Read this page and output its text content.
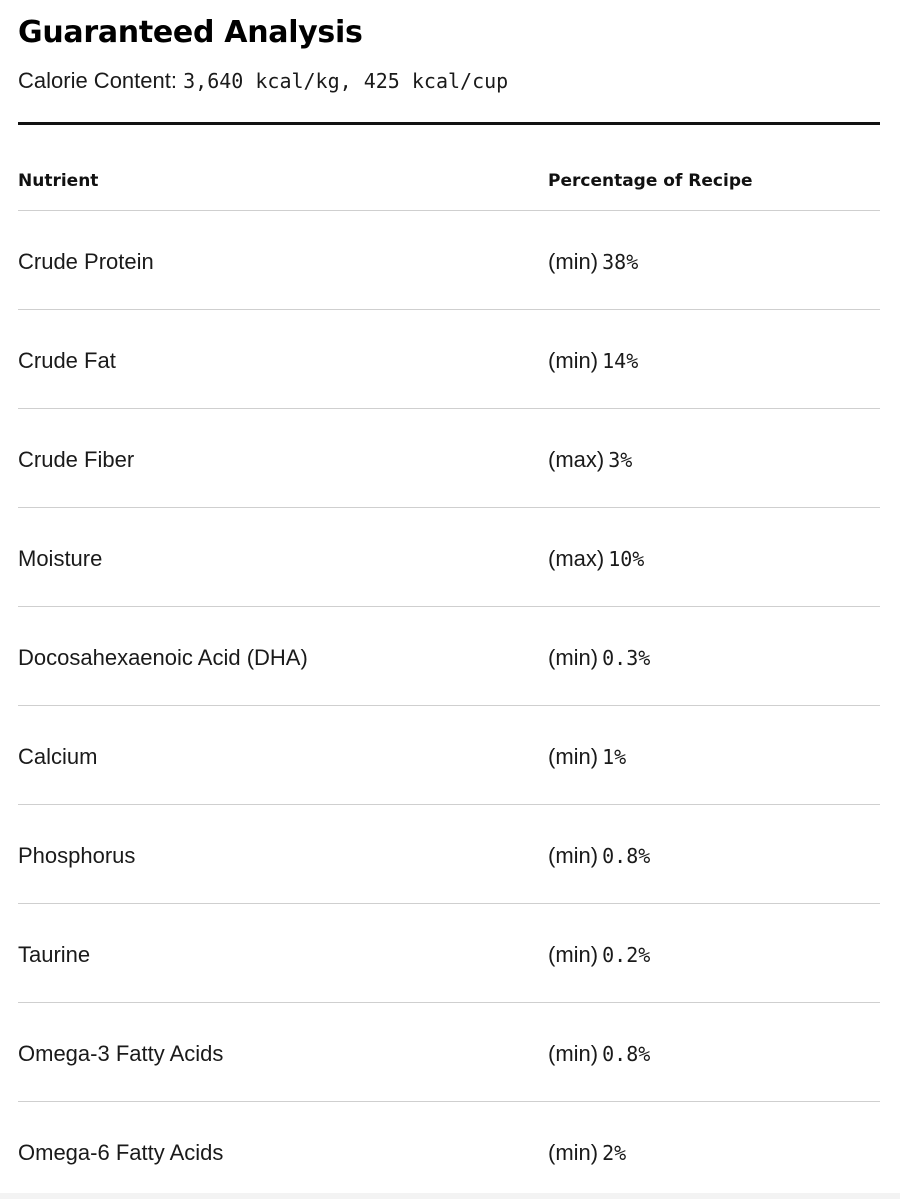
Guaranteed Analysis

Calorie Content: 3,640 kcal/kg, 425 kcal/cup

Nutrient	Percentage of Recipe
Crude Protein	(min) 38%
Crude Fat	(min) 14%
Crude Fiber	(max) 3%
Moisture	(max) 10%
Docosahexaenoic Acid (DHA)	(min) 0.3%
Calcium	(min) 1%
Phosphorus	(min) 0.8%
Taurine	(min) 0.2%
Omega-3 Fatty Acids	(min) 0.8%
Omega-6 Fatty Acids	(min) 2%
